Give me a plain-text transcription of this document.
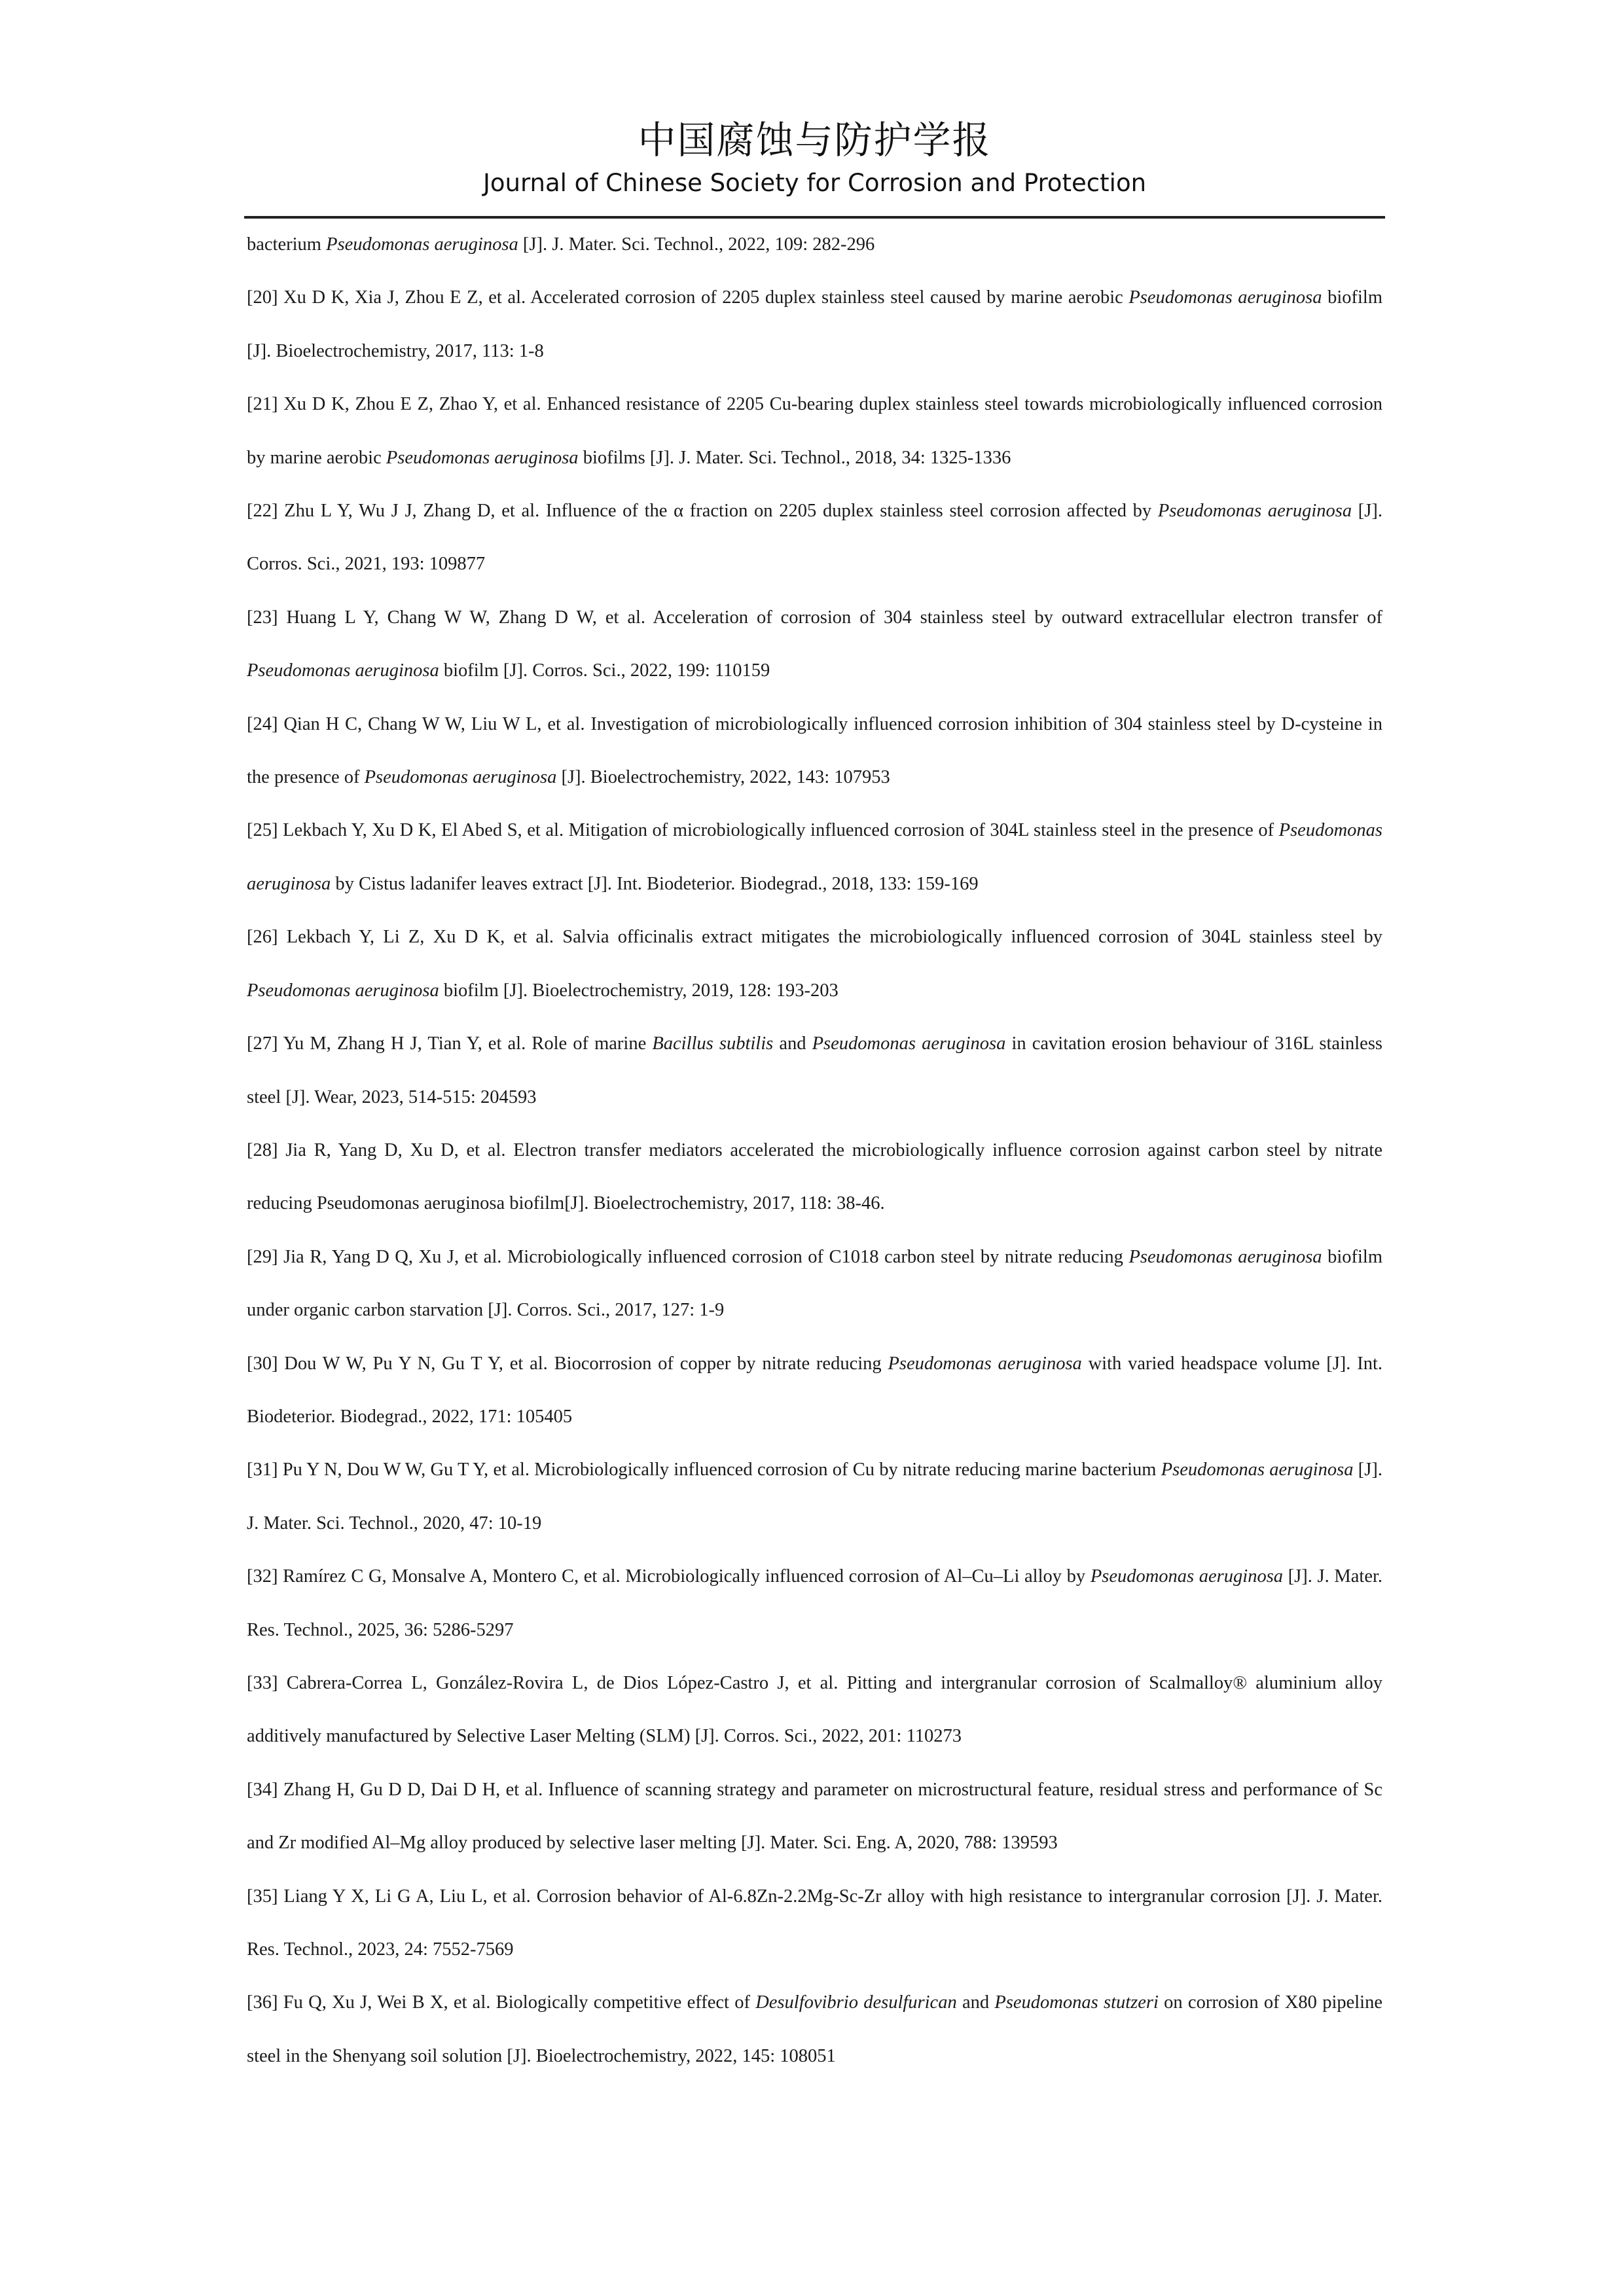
中国腐蚀与防护学报
Journal of Chinese Society for Corrosion and Protection

bacterium Pseudomonas aeruginosa [J]. J. Mater. Sci. Technol., 2022, 109: 282-296

[20] Xu D K, Xia J, Zhou E Z, et al. Accelerated corrosion of 2205 duplex stainless steel caused by marine aerobic Pseudomonas aeruginosa biofilm [J]. Bioelectrochemistry, 2017, 113: 1-8

[21] Xu D K, Zhou E Z, Zhao Y, et al. Enhanced resistance of 2205 Cu-bearing duplex stainless steel towards microbiologically influenced corrosion by marine aerobic Pseudomonas aeruginosa biofilms [J]. J. Mater. Sci. Technol., 2018, 34: 1325-1336

[22] Zhu L Y, Wu J J, Zhang D, et al. Influence of the α fraction on 2205 duplex stainless steel corrosion affected by Pseudomonas aeruginosa [J]. Corros. Sci., 2021, 193: 109877

[23] Huang L Y, Chang W W, Zhang D W, et al. Acceleration of corrosion of 304 stainless steel by outward extracellular electron transfer of Pseudomonas aeruginosa biofilm [J]. Corros. Sci., 2022, 199: 110159

[24] Qian H C, Chang W W, Liu W L, et al. Investigation of microbiologically influenced corrosion inhibition of 304 stainless steel by D-cysteine in the presence of Pseudomonas aeruginosa [J]. Bioelectrochemistry, 2022, 143: 107953

[25] Lekbach Y, Xu D K, El Abed S, et al. Mitigation of microbiologically influenced corrosion of 304L stainless steel in the presence of Pseudomonas aeruginosa by Cistus ladanifer leaves extract [J]. Int. Biodeterior. Biodegrad., 2018, 133: 159-169

[26] Lekbach Y, Li Z, Xu D K, et al. Salvia officinalis extract mitigates the microbiologically influenced corrosion of 304L stainless steel by Pseudomonas aeruginosa biofilm [J]. Bioelectrochemistry, 2019, 128: 193-203

[27] Yu M, Zhang H J, Tian Y, et al. Role of marine Bacillus subtilis and Pseudomonas aeruginosa in cavitation erosion behaviour of 316L stainless steel [J]. Wear, 2023, 514-515: 204593

[28] Jia R, Yang D, Xu D, et al. Electron transfer mediators accelerated the microbiologically influence corrosion against carbon steel by nitrate reducing Pseudomonas aeruginosa biofilm[J]. Bioelectrochemistry, 2017, 118: 38-46.

[29] Jia R, Yang D Q, Xu J, et al. Microbiologically influenced corrosion of C1018 carbon steel by nitrate reducing Pseudomonas aeruginosa biofilm under organic carbon starvation [J]. Corros. Sci., 2017, 127: 1-9

[30] Dou W W, Pu Y N, Gu T Y, et al. Biocorrosion of copper by nitrate reducing Pseudomonas aeruginosa with varied headspace volume [J]. Int. Biodeterior. Biodegrad., 2022, 171: 105405

[31] Pu Y N, Dou W W, Gu T Y, et al. Microbiologically influenced corrosion of Cu by nitrate reducing marine bacterium Pseudomonas aeruginosa [J]. J. Mater. Sci. Technol., 2020, 47: 10-19

[32] Ramírez C G, Monsalve A, Montero C, et al. Microbiologically influenced corrosion of Al–Cu–Li alloy by Pseudomonas aeruginosa [J]. J. Mater. Res. Technol., 2025, 36: 5286-5297

[33] Cabrera-Correa L, González-Rovira L, de Dios López-Castro J, et al. Pitting and intergranular corrosion of Scalmalloy® aluminium alloy additively manufactured by Selective Laser Melting (SLM) [J]. Corros. Sci., 2022, 201: 110273

[34] Zhang H, Gu D D, Dai D H, et al. Influence of scanning strategy and parameter on microstructural feature, residual stress and performance of Sc and Zr modified Al–Mg alloy produced by selective laser melting [J]. Mater. Sci. Eng. A, 2020, 788: 139593

[35] Liang Y X, Li G A, Liu L, et al. Corrosion behavior of Al-6.8Zn-2.2Mg-Sc-Zr alloy with high resistance to intergranular corrosion [J]. J. Mater. Res. Technol., 2023, 24: 7552-7569

[36] Fu Q, Xu J, Wei B X, et al. Biologically competitive effect of Desulfovibrio desulfurican and Pseudomonas stutzeri on corrosion of X80 pipeline steel in the Shenyang soil solution [J]. Bioelectrochemistry, 2022, 145: 108051
